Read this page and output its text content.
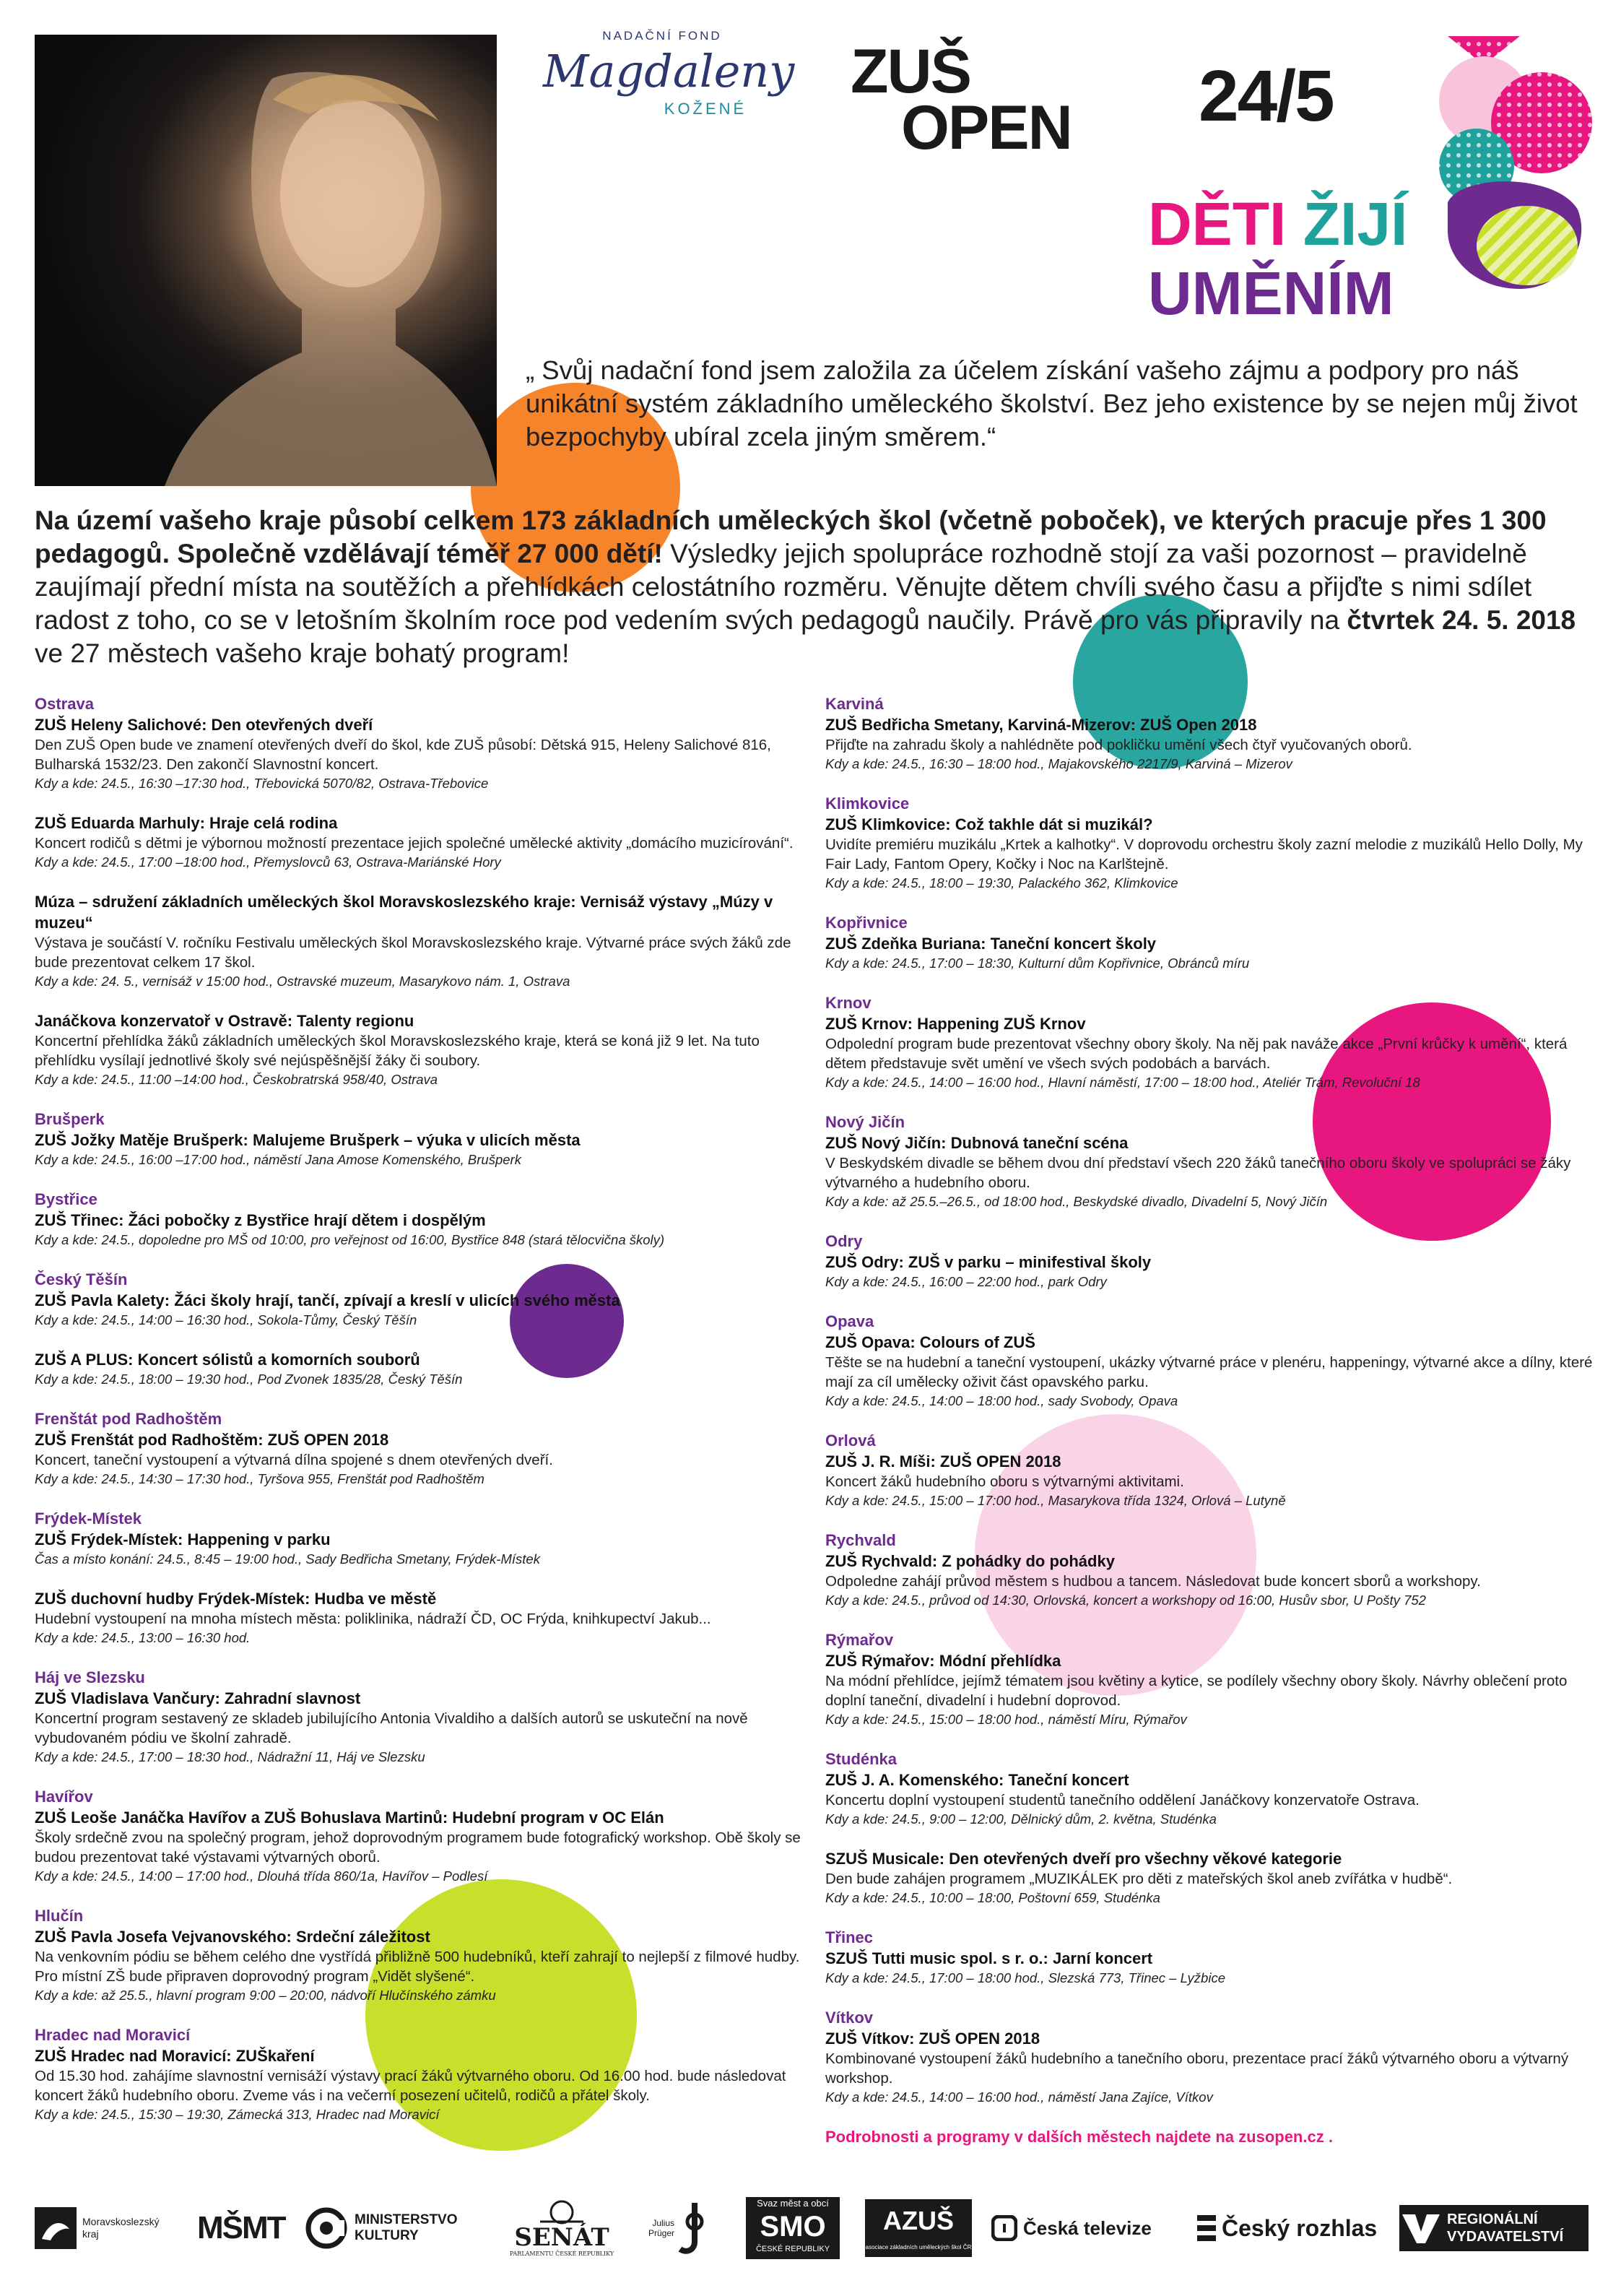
NADAČNÍ FOND
Magdaleny
KOŽENÉ
ZUŠ
OPEN	24/5
DĚTI ŽIJÍ
UMĚNÍM
„ Svůj nadační fond jsem založila za účelem získání vašeho zájmu a podpory pro náš unikátní systém základního uměleckého školství. Bez jeho existence by se nejen můj život bezpochyby ubíral zcela jiným směrem.“
Na území vašeho kraje působí celkem 173 základních uměleckých škol (včetně poboček), ve kterých pracuje přes 1 300 pedagogů. Společně vzdělávají téměř 27 000 dětí! Výsledky jejich spolupráce rozhodně stojí za vaši pozornost – pravidelně zaujímají přední místa na soutěžích a přehlídkách celostátního rozměru. Věnujte dětem chvíli svého času a přijďte s nimi sdílet radost z toho, co se v letošním školním roce pod vedením svých pedagogů naučily. Právě pro vás připravily na čtvrtek 24. 5. 2018 ve 27 městech vašeho kraje bohatý program!
Ostrava
ZUŠ Heleny Salichové: Den otevřených dveří
Den ZUŠ Open bude ve znamení otevřených dveří do škol, kde ZUŠ působí: Dětská 915, Heleny Salichové 816, Bulharská 1532/23. Den zakončí Slavnostní koncert.
Kdy a kde: 24.5., 16:30 –17:30 hod., Třebovická 5070/82, Ostrava-Třebovice
ZUŠ Eduarda Marhuly: Hraje celá rodina
Koncert rodičů s dětmi je výbornou možností prezentace jejich společné umělecké aktivity „domácího muzicírování“.
Kdy a kde: 24.5., 17:00 –18:00 hod., Přemyslovců 63, Ostrava-Mariánské Hory
Múza – sdružení základních uměleckých škol Moravskoslezského kraje: Vernisáž výstavy „Múzy v muzeu“
Výstava je součástí V. ročníku Festivalu uměleckých škol Moravskoslezského kraje. Výtvarné práce svých žáků zde bude prezentovat celkem 17 škol.
Kdy a kde: 24. 5., vernisáž v 15:00 hod., Ostravské muzeum, Masarykovo nám. 1, Ostrava
Janáčkova konzervatoř v Ostravě: Talenty regionu
Koncertní přehlídka žáků základních uměleckých škol Moravskoslezského kraje, která se koná již 9 let. Na tuto přehlídku vysílají jednotlivé školy své nejúspěšnější žáky či soubory.
Kdy a kde: 24.5., 11:00 –14:00 hod., Českobratrská 958/40, Ostrava
Brušperk
ZUŠ Jožky Matěje Brušperk: Malujeme Brušperk – výuka v ulicích města
Kdy a kde: 24.5., 16:00 –17:00 hod., náměstí Jana Amose Komenského, Brušperk
Bystřice
ZUŠ Třinec: Žáci pobočky z Bystřice hrají dětem i dospělým
Kdy a kde: 24.5., dopoledne pro MŠ od 10:00, pro veřejnost od 16:00, Bystřice 848 (stará tělocvična školy)
Český Těšín
ZUŠ Pavla Kalety: Žáci školy hrají, tančí, zpívají a kreslí v ulicích svého města
Kdy a kde: 24.5., 14:00 – 16:30 hod., Sokola-Tůmy, Český Těšín
ZUŠ A PLUS: Koncert sólistů a komorních souborů
Kdy a kde: 24.5., 18:00 – 19:30 hod., Pod Zvonek 1835/28, Český Těšín
Frenštát pod Radhoštěm
ZUŠ Frenštát pod Radhoštěm: ZUŠ OPEN 2018
Koncert, taneční vystoupení a výtvarná dílna spojené s dnem otevřených dveří.
Kdy a kde: 24.5., 14:30 – 17:30 hod., Tyršova 955, Frenštát pod Radhoštěm
Frýdek-Místek
ZUŠ Frýdek-Místek: Happening v parku
Čas a místo konání: 24.5., 8:45 – 19:00 hod., Sady Bedřicha Smetany, Frýdek-Místek
ZUŠ duchovní hudby Frýdek-Místek: Hudba ve městě
Hudební vystoupení na mnoha místech města: poliklinika, nádraží ČD, OC Frýda, knihkupectví Jakub...
Kdy a kde: 24.5., 13:00 – 16:30 hod.
Háj ve Slezsku
ZUŠ Vladislava Vančury: Zahradní slavnost
Koncertní program sestavený ze skladeb jubilujícího Antonia Vivaldiho a dalších autorů se uskuteční na nově vybudovaném pódiu ve školní zahradě.
Kdy a kde: 24.5., 17:00 – 18:30 hod., Nádražní 11, Háj ve Slezsku
Havířov
ZUŠ Leoše Janáčka Havířov a ZUŠ Bohuslava Martinů: Hudební program v OC Elán
Školy srdečně zvou na společný program, jehož doprovodným programem bude fotografický workshop. Obě školy se budou prezentovat také výstavami výtvarných oborů.
Kdy a kde: 24.5., 14:00 – 17:00 hod., Dlouhá třída 860/1a, Havířov – Podlesí
Hlučín
ZUŠ Pavla Josefa Vejvanovského: Srdeční záležitost
Na venkovním pódiu se během celého dne vystřídá přibližně 500 hudebníků, kteří zahrají to nejlepší z filmové hudby. Pro místní ZŠ bude připraven doprovodný program „Vidět slyšené“.
Kdy a kde: až 25.5., hlavní program 9:00 – 20:00, nádvoří Hlučínského zámku
Hradec nad Moravicí
ZUŠ Hradec nad Moravicí: ZUŠkaření
Od 15.30 hod. zahájíme slavnostní vernisáží výstavy prací žáků výtvarného oboru. Od 16.00 hod. bude následovat koncert žáků hudebního oboru. Zveme vás i na večerní posezení učitelů, rodičů a přátel školy.
Kdy a kde: 24.5., 15:30 – 19:30, Zámecká 313, Hradec nad Moravicí
Karviná
ZUŠ Bedřicha Smetany, Karviná-Mizerov: ZUŠ Open 2018
Přijďte na zahradu školy a nahlédněte pod pokličku umění všech čtyř vyučovaných oborů.
Kdy a kde: 24.5., 16:30 – 18:00 hod., Majakovského 2217/9, Karviná – Mizerov
Klimkovice
ZUŠ Klimkovice: Což takhle dát si muzikál?
Uvidíte premiéru muzikálu „Krtek a kalhotky“. V doprovodu orchestru školy zazní melodie z muzikálů Hello Dolly, My Fair Lady, Fantom Opery, Kočky i Noc na Karlštejně.
Kdy a kde: 24.5., 18:00 – 19:30, Palackého 362, Klimkovice
Kopřivnice
ZUŠ Zdeňka Buriana: Taneční koncert školy
Kdy a kde: 24.5., 17:00 – 18:30, Kulturní dům Kopřivnice, Obránců míru
Krnov
ZUŠ Krnov: Happening ZUŠ Krnov
Odpolední program bude prezentovat všechny obory školy. Na něj pak naváže akce „První krůčky k umění“, která dětem představuje svět umění ve všech svých podobách a barvách.
Kdy a kde: 24.5., 14:00 – 16:00 hod., Hlavní náměstí, 17:00 – 18:00 hod., Ateliér Trám, Revoluční 18
Nový Jičín
ZUŠ Nový Jičín: Dubnová taneční scéna
V Beskydském divadle se během dvou dní představí všech 220 žáků tanečního oboru školy ve spolupráci se žáky výtvarného a hudebního oboru.
Kdy a kde: až 25.5.–26.5., od 18:00 hod., Beskydské divadlo, Divadelní 5, Nový Jičín
Odry
ZUŠ Odry: ZUŠ v parku – minifestival školy
Kdy a kde: 24.5., 16:00 – 22:00 hod., park Odry
Opava
ZUŠ Opava: Colours of ZUŠ
Těšte se na hudební a taneční vystoupení, ukázky výtvarné práce v plenéru, happeningy, výtvarné akce a dílny, které mají za cíl umělecky oživit část opavského parku.
Kdy a kde: 24.5., 14:00 – 18:00 hod., sady Svobody, Opava
Orlová
ZUŠ J. R. Míši: ZUŠ OPEN 2018
Koncert žáků hudebního oboru s výtvarnými aktivitami.
Kdy a kde: 24.5., 15:00 – 17:00 hod., Masarykova třída 1324, Orlová – Lutyně
Rychvald
ZUŠ Rychvald: Z pohádky do pohádky
Odpoledne zahájí průvod městem s hudbou a tancem. Následovat bude koncert sborů a workshopy.
Kdy a kde: 24.5., průvod od 14:30, Orlovská, koncert a workshopy od 16:00, Husův sbor, U Pošty 752
Rýmařov
ZUŠ Rýmařov: Módní přehlídka
Na módní přehlídce, jejímž tématem jsou květiny a kytice, se podílely všechny obory školy. Návrhy oblečení proto doplní taneční, divadelní i hudební doprovod.
Kdy a kde: 24.5., 15:00 – 18:00 hod., náměstí Míru, Rýmařov
Studénka
ZUŠ J. A. Komenského: Taneční koncert
Koncertu doplní vystoupení studentů tanečního oddělení Janáčkovy konzervatoře Ostrava.
Kdy a kde: 24.5., 9:00 – 12:00, Dělnický dům, 2. května, Studénka
SZUŠ Musicale: Den otevřených dveří pro všechny věkové kategorie
Den bude zahájen programem „MUZIKÁLEK pro děti z mateřských škol aneb zvířátka v hudbě“.
Kdy a kde: 24.5., 10:00 – 18:00, Poštovní 659, Studénka
Třinec
SZUŠ Tutti music spol. s r. o.: Jarní koncert
Kdy a kde: 24.5., 17:00 – 18:00 hod., Slezská 773, Třinec – Lyžbice
Vítkov
ZUŠ Vítkov: ZUŠ OPEN 2018
Kombinované vystoupení žáků hudebního a tanečního oboru, prezentace prací žáků výtvarného oboru a výtvarný workshop.
Kdy a kde: 24.5., 14:00 – 16:00 hod., náměstí Jana Zajíce, Vítkov
Podrobnosti a programy v dalších městech najdete na zusopen.cz .
Moravskoslezský
kraj	MŠMT	MINISTERSTVO
KULTURY	SENÁT
PARLAMENTU ČESKÉ REPUBLIKY
Julius
Prüger
Svaz měst a obcí
SMO
ČESKÉ REPUBLIKY
AZUŠ
asociace základních uměleckých škol ČR
Česká televize	Český rozhlas	REGIONÁLNÍ
VYDAVATELSTVÍ
